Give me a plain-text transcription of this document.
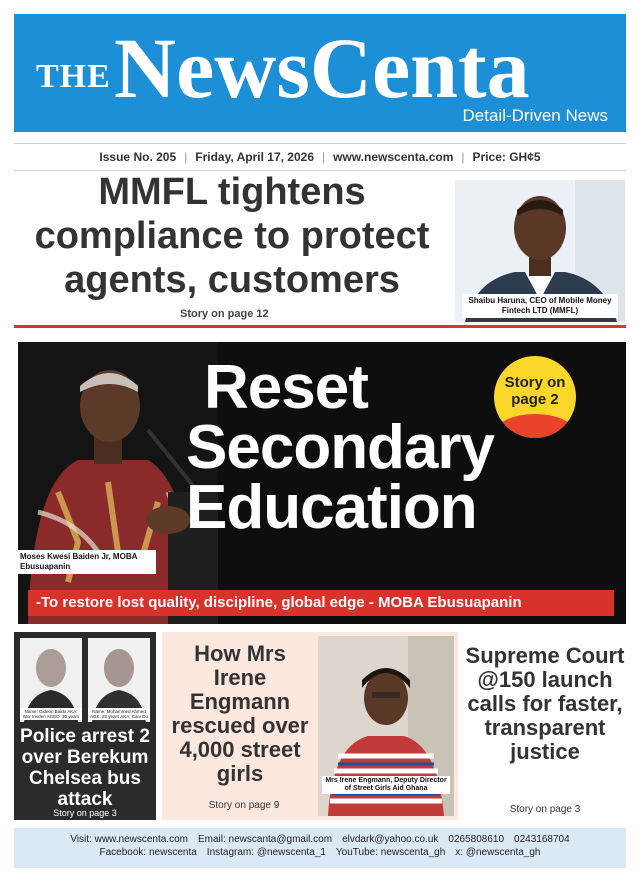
THE NewsCenta
Detail-Driven News
Issue No. 205 | Friday, April 17, 2026 | www.newscenta.com | Price: GH¢5
MMFL tightens compliance to protect agents, customers
Story on page 12
Shaibu Haruna, CEO of Mobile Money Fintech LTD (MMFL)
Reset
Secondary
Education
Story on page 2
Moses Kwesi Baiden Jr, MOBA Ebusuapanin
-To restore lost quality, discipline, global edge - MOBA Ebusuapanin
Name: Gideon Baido AKA: Wor Insden AGED: 30 years
Name: Mohammed Ahmed AGE: 25 years AKA: Cani Do
Police arrest 2 over Berekum Chelsea bus attack
Story on page 3
How Mrs Irene Engmann rescued over 4,000 street girls
Story on page 9
Mrs Irene Engmann, Deputy Director of Street Girls Aid Ghana
Supreme Court @150 launch calls for faster, transparent justice
Story on page 3
Visit: www.newscenta.com Email: newscanta@gmail.com elvdark@yahoo.co.uk 0265808610 0243168704
Facebook: newscenta Instagram: @newscenta_1 YouTube: newscenta_gh x: @newscenta_gh
